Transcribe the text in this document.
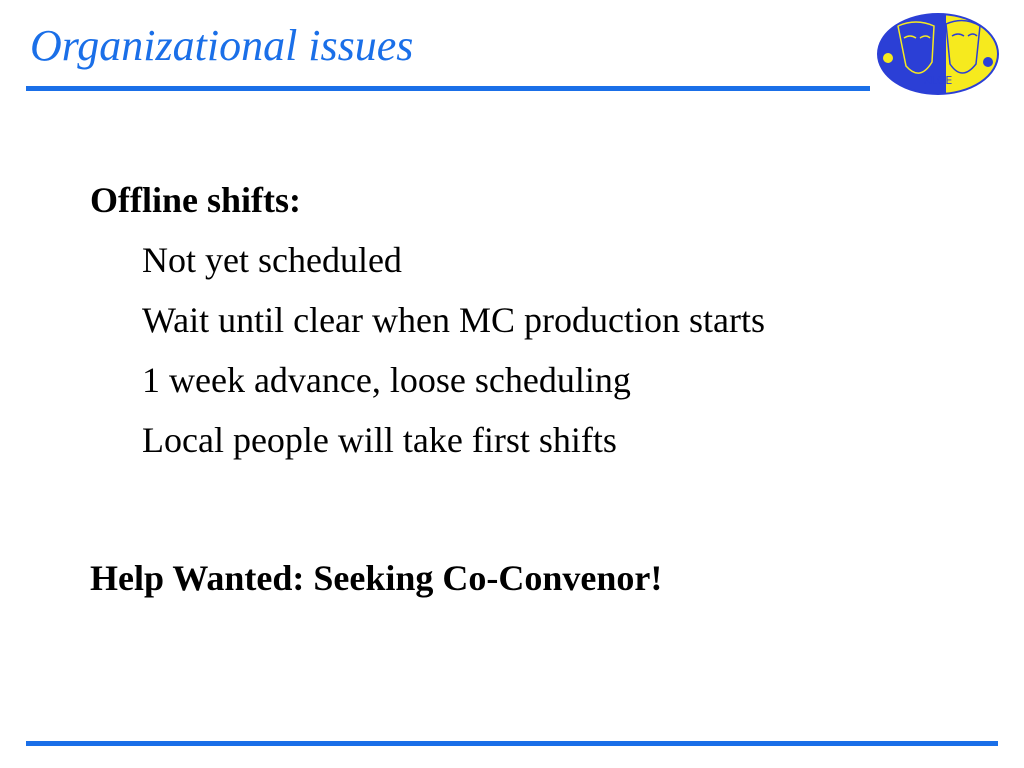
Organizational issues
KLOE
Offline shifts:
Not yet scheduled
Wait until clear when MC production starts
1 week advance, loose scheduling
Local people will take first shifts
Help Wanted: Seeking Co-Convenor!
